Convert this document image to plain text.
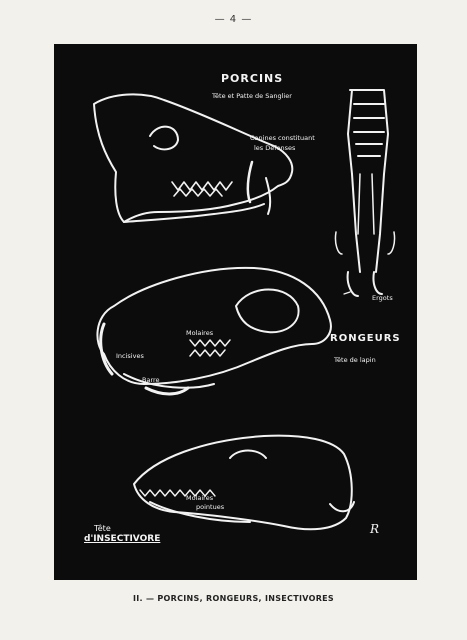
— 4 —
PORCINS
Tête et Patte de Sanglier
Canines constituant
les Défenses
Ergots
RONGEURS
Tête de lapin
Molaires
Incisives
Barre
Molaires
pointues
Tête
d'INSECTIVORE
R
II. — PORCINS, RONGEURS, INSECTIVORES
